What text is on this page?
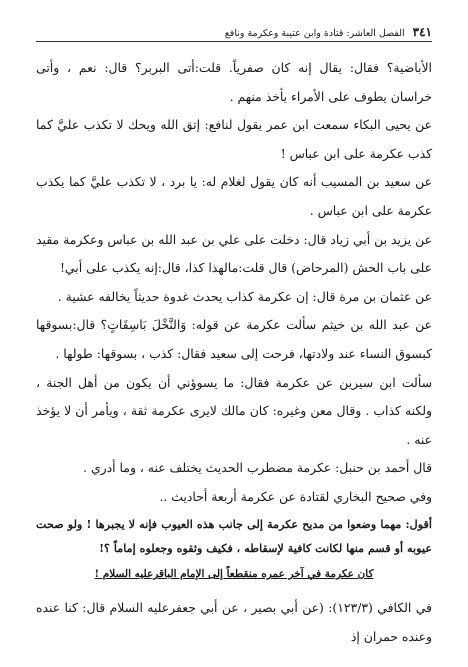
٣٤١
الفصل العاشر: قتادة وابن عتيبة وعكرمة ونافع

الأباضية؟ فقال: يقال إنه كان صفرياً. قلت:أتى البربر؟ قال: نعم ، وأتى خراسان يطوف على الأمراء يأخذ منهم .

عن يحيى البكاء سمعت ابن عمر يقول لنافع: إتق الله ويحك لا تكذب عليَّ كما كذب عكرمة على ابن عباس !

عن سعيد بن المسيب أنه كان يقول لغلام له: يا برد ، لا تكذب عليَّ كما يكذب عكرمة على ابن عباس .

عن يزيد بن أبي زياد قال: دخلت على علي بن عبد الله بن عباس وعكرمة مقيد على باب الحش (المرحاض) قال قلت:مالهذا كذا، قال:إنه يكذب على أبي!

عن عثمان بن مرة قال: إن عكرمة كذاب يحدث غدوة حديثاً يخالفه عشية .

عن عبد الله بن خيثم سألت عكرمة عن قوله: وَالنَّخْلَ بَاسِقَاتٍ؟ قال:بسوقها كبسوق النساء عند ولادتها، فرحت إلى سعيد فقال: كذب ، بسوقها: طولها .

سألت ابن سيرين عن عكرمة فقال: ما يسوؤني أن يكون من أهل الجنة ، ولكنه كذاب . وقال معن وغيره: كان مالك لايرى عكرمة ثقة ، ويأمر أن لا يؤخذ عنه .

قال أحمد بن حنبل: عكرمة مضطرب الحديث يختلف عنه ، وما أدري .

وفي صحيح البخاري لقتادة عن عكرمة أربعة أحاديث ..

أقول: مهما وضعوا من مديح عكرمة إلى جانب هذه العيوب فإنه لا يجبرها ! ولو صحت عيوبه أو قسم منها لكانت كافية لإسقاطه ، فكيف وثقوه وجعلوه إماماً ؟!

كان عكرمة في آخر عمره منقطعاً إلى الإمام الباقرعليه السلام !

في الكافي (١٢٣/٣): (عن أبي بصير ، عن أبي جعفرعليه السلام قال: كنا عنده وعنده حمران إذ
